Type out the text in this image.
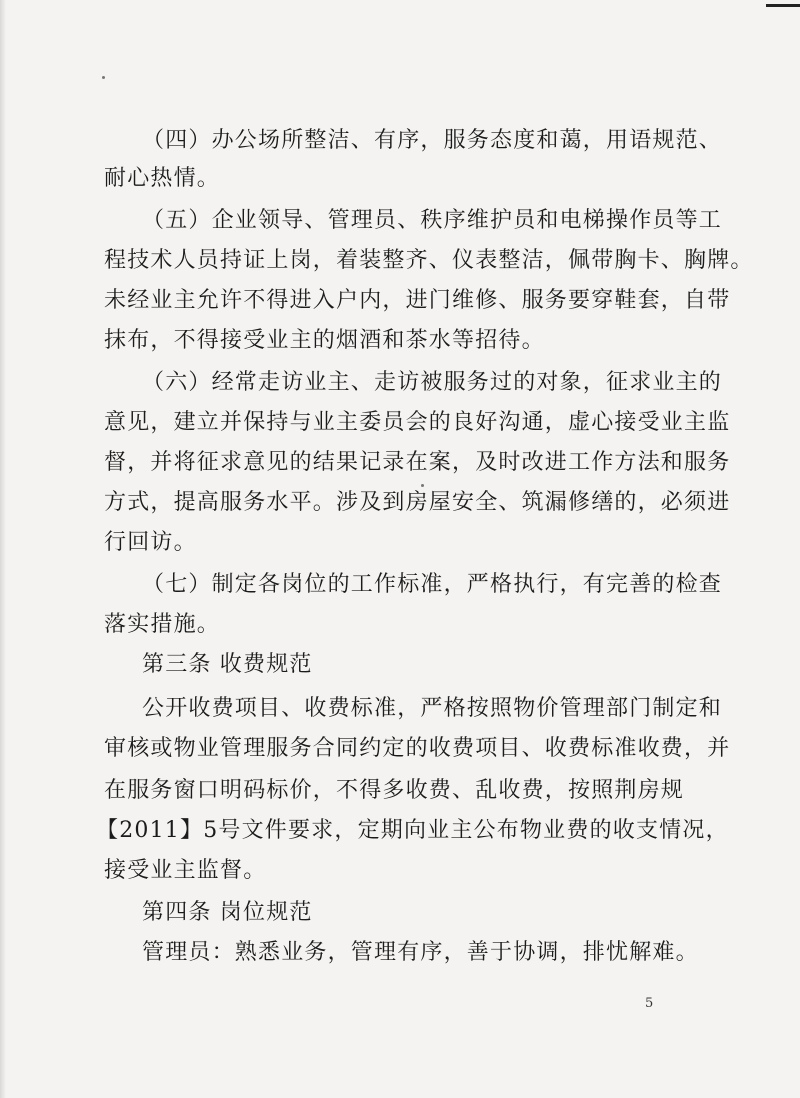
（四）办公场所整洁、有序，服务态度和蔼，用语规范、
耐心热情。
（五）企业领导、管理员、秩序维护员和电梯操作员等工
程技术人员持证上岗，着装整齐、仪表整洁，佩带胸卡、胸牌。
未经业主允许不得进入户内，进门维修、服务要穿鞋套，自带
抹布，不得接受业主的烟酒和茶水等招待。
（六）经常走访业主、走访被服务过的对象，征求业主的
意见，建立并保持与业主委员会的良好沟通，虚心接受业主监
督，并将征求意见的结果记录在案，及时改进工作方法和服务
方式，提高服务水平。涉及到房屋安全、筑漏修缮的，必须进
行回访。
（七）制定各岗位的工作标准，严格执行，有完善的检查
落实措施。
第三条 收费规范
公开收费项目、收费标准，严格按照物价管理部门制定和
审核或物业管理服务合同约定的收费项目、收费标准收费，并
在服务窗口明码标价，不得多收费、乱收费，按照荆房规
【2011】5号文件要求，定期向业主公布物业费的收支情况，
接受业主监督。
第四条 岗位规范
管理员：熟悉业务，管理有序，善于协调，排忧解难。
5
